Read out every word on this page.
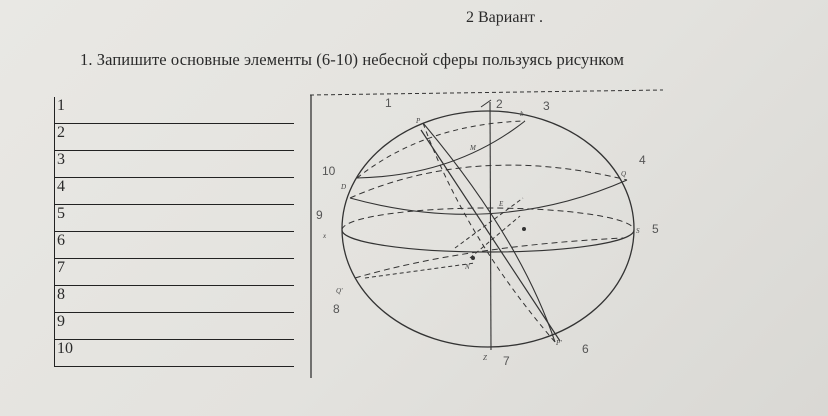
2 Вариант .
1. Запишите основные элементы (6-10) небесной сферы пользуясь рисунком
1
2
3
4
5
6
7
8
9
10
1	2	3
4
5
6
7
8
9
10
P
M
Q
b
D
E
N
x
S
Z
P'
Q'
